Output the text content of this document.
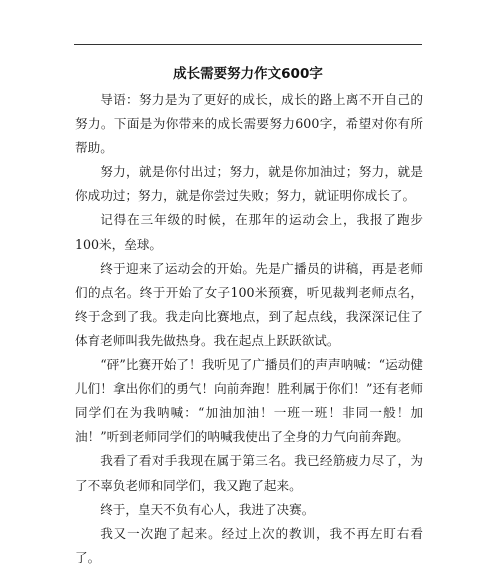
成长需要努力作文600字

导语：努力是为了更好的成长，成长的路上离不开自己的努力。下面是为你带来的成长需要努力600字，希望对你有所帮助。

努力，就是你付出过；努力，就是你加油过；努力，就是你成功过；努力，就是你尝过失败；努力，就证明你成长了。

记得在三年级的时候，在那年的运动会上，我报了跑步100米，垒球。

终于迎来了运动会的开始。先是广播员的讲稿，再是老师们的点名。终于开始了女子100米预赛，听见裁判老师点名，终于念到了我。我走向比赛地点，到了起点线，我深深记住了体育老师叫我先做热身。我在起点上跃跃欲试。

“砰”比赛开始了！我听见了广播员们的声声呐喊：“运动健儿们！拿出你们的勇气！向前奔跑！胜利属于你们！”还有老师同学们在为我呐喊：“加油加油！一班一班！非同一般！加油！”听到老师同学们的呐喊我使出了全身的力气向前奔跑。

我看了看对手我现在属于第三名。我已经筋疲力尽了，为了不辜负老师和同学们，我又跑了起来。

终于，皇天不负有心人，我进了决赛。

我又一次跑了起来。经过上次的教训，我不再左盯右看了。
